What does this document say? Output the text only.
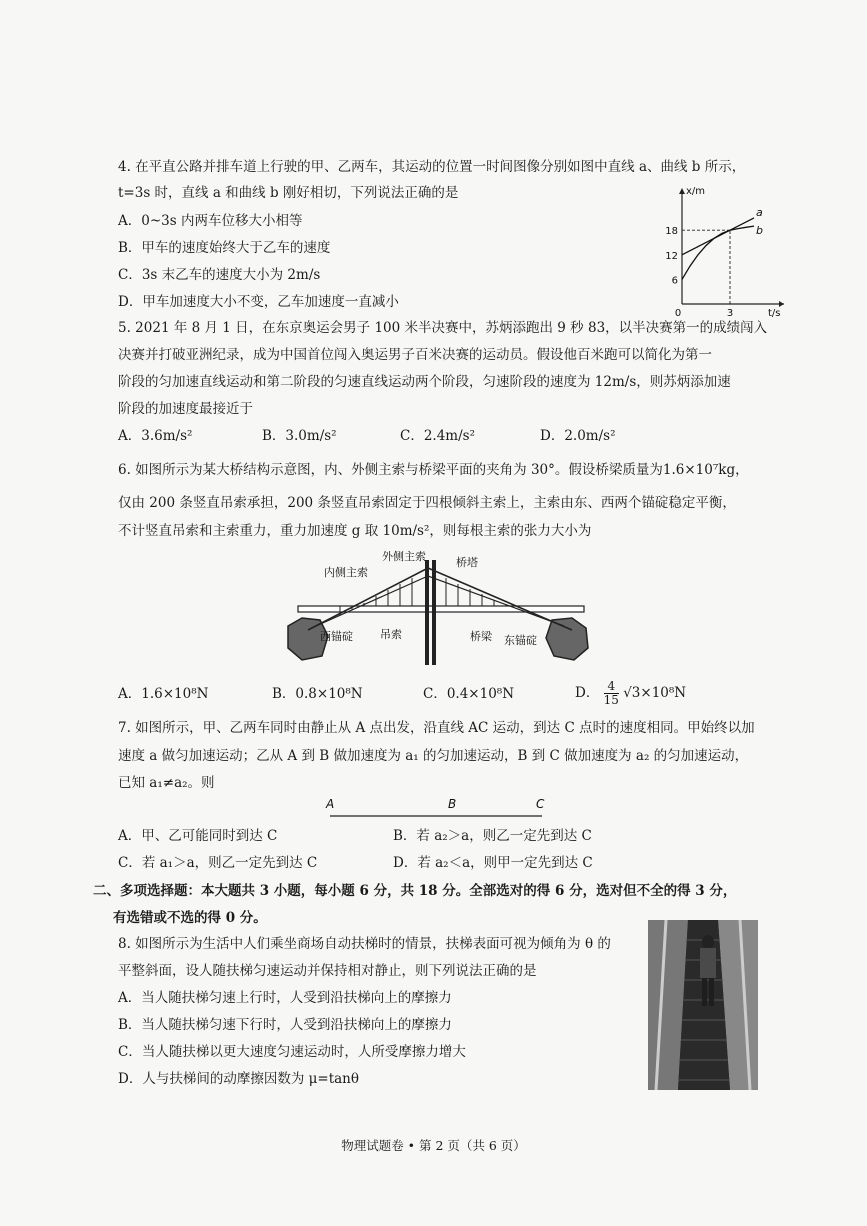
4. 在平直公路并排车道上行驶的甲、乙两车，其运动的位置一时间图像分别如图中直线 a、曲线 b 所示，
t=3s 时，直线 a 和曲线 b 刚好相切，下列说法正确的是
A．0~3s 内两车位移大小相等
B．甲车的速度始终大于乙车的速度
C．3s 末乙车的速度大小为 2m/s
D．甲车加速度大小不变，乙车加速度一直减小
a
b
x/m
t/s
6
12
18
0	3
5. 2021 年 8 月 1 日，在东京奥运会男子 100 米半决赛中，苏炳添跑出 9 秒 83，以半决赛第一的成绩闯入
决赛并打破亚洲纪录，成为中国首位闯入奥运男子百米决赛的运动员。假设他百米跑可以简化为第一
阶段的匀加速直线运动和第二阶段的匀速直线运动两个阶段，匀速阶段的速度为 12m/s，则苏炳添加速
阶段的加速度最接近于
A．3.6m/s²	B．3.0m/s²	C．2.4m/s²	D．2.0m/s²
6. 如图所示为某大桥结构示意图，内、外侧主索与桥梁平面的夹角为 30°。假设桥梁质量为1.6×10⁷kg，
仅由 200 条竖直吊索承担，200 条竖直吊索固定于四根倾斜主索上，主索由东、西两个锚碇稳定平衡，
不计竖直吊索和主索重力，重力加速度 g 取 10m/s²，则每根主索的张力大小为
外侧主索
内侧主索
桥塔
西锚碇 吊索	桥梁 东锚碇
A．1.6×10⁸N	B．0.8×10⁸N	C．0.4×10⁸N	D． $\frac{4}{15} √3\times 10^8N$
7. 如图所示，甲、乙两车同时由静止从 A 点出发，沿直线 AC 运动，到达 C 点时的速度相同。甲始终以加
速度 a 做匀加速运动；乙从 A 到 B 做加速度为 a₁ 的匀加速运动，B 到 C 做加速度为 a₂ 的匀加速运动，
已知 a₁≠a₂。则
A	B	C
A．甲、乙可能同时到达 C	B．若 a₂＞a，则乙一定先到达 C
C．若 a₁＞a，则乙一定先到达 C	D．若 a₂＜a，则甲一定先到达 C
二、多项选择题：本大题共 3 小题，每小题 6 分，共 18 分。全部选对的得 6 分，选对但不全的得 3 分，
有选错或不选的得 0 分。
8. 如图所示为生活中人们乘坐商场自动扶梯时的情景，扶梯表面可视为倾角为 θ 的
平整斜面，设人随扶梯匀速运动并保持相对静止，则下列说法正确的是
A．当人随扶梯匀速上行时，人受到沿扶梯向上的摩擦力
B．当人随扶梯匀速下行时，人受到沿扶梯向上的摩擦力
C．当人随扶梯以更大速度匀速运动时，人所受摩擦力增大
D．人与扶梯间的动摩擦因数为 μ=tanθ
物理试题卷 • 第 2 页（共 6 页）
